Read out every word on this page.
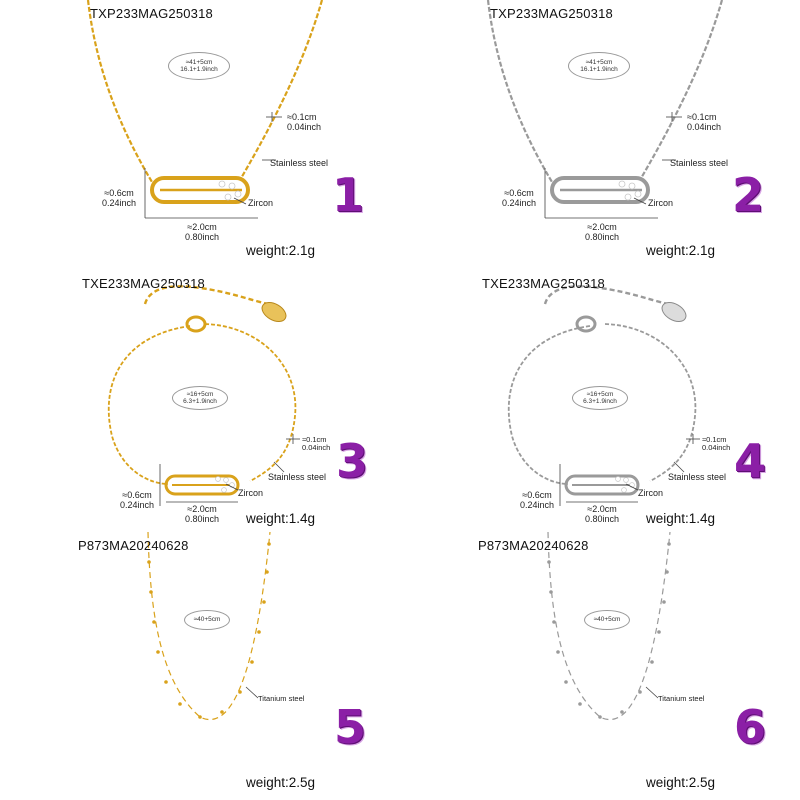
TXP233MAG250318
≈41+5cm
16.1+1.9inch
≈0.1cm
0.04inch
Stainless steel
≈0.6cm
0.24inch	Zircon
≈2.0cm
0.80inch
1
weight:2.1g
TXP233MAG250318
≈41+5cm
16.1+1.9inch
≈0.1cm
0.04inch
Stainless steel
≈0.6cm
0.24inch	Zircon
≈2.0cm
0.80inch
2
weight:2.1g
TXE233MAG250318
≈16+5cm
6.3+1.9inch
≈0.1cm
0.04inch
Stainless steel
≈0.6cm
0.24inch
Zircon
≈2.0cm
0.80inch
3
weight:1.4g
TXE233MAG250318
≈16+5cm
6.3+1.9inch
≈0.1cm
0.04inch
Stainless steel
≈0.6cm
0.24inch
Zircon
≈2.0cm
0.80inch
4
weight:1.4g
P873MA20240628
≈40+5cm
Titanium steel
5
weight:2.5g
P873MA20240628
≈40+5cm
Titanium steel
6
weight:2.5g
